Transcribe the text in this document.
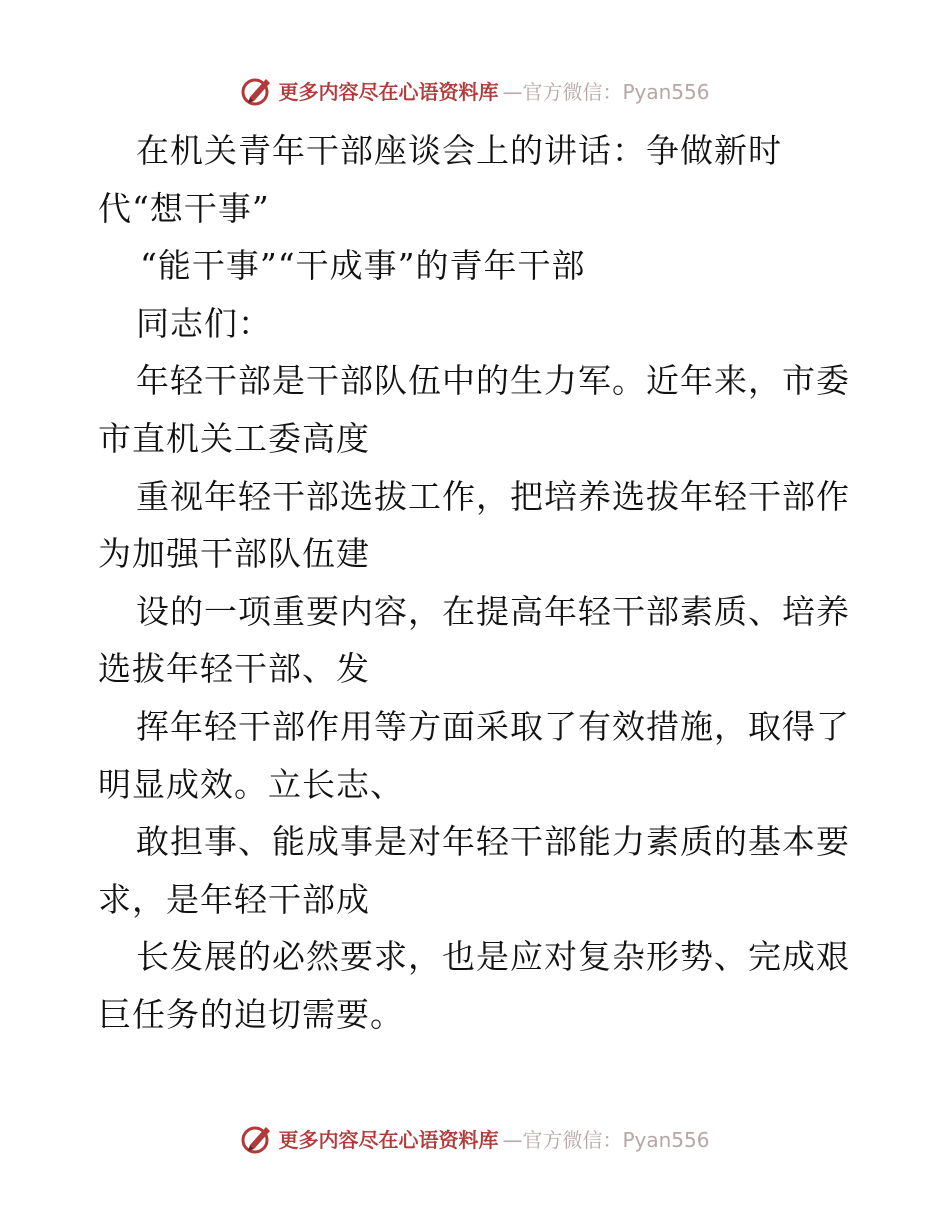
更多内容尽在心语资料库 —官方微信：Pyan556
在机关青年干部座谈会上的讲话：争做新时
代“想干事”
“能干事”“干成事”的青年干部
同志们：
年轻干部是干部队伍中的生力军。近年来，市委
市直机关工委高度
重视年轻干部选拔工作，把培养选拔年轻干部作
为加强干部队伍建
设的一项重要内容，在提高年轻干部素质、培养
选拔年轻干部、发
挥年轻干部作用等方面采取了有效措施，取得了
明显成效。立长志、
敢担事、能成事是对年轻干部能力素质的基本要
求，是年轻干部成
长发展的必然要求，也是应对复杂形势、完成艰
巨任务的迫切需要。
更多内容尽在心语资料库 —官方微信：Pyan556
